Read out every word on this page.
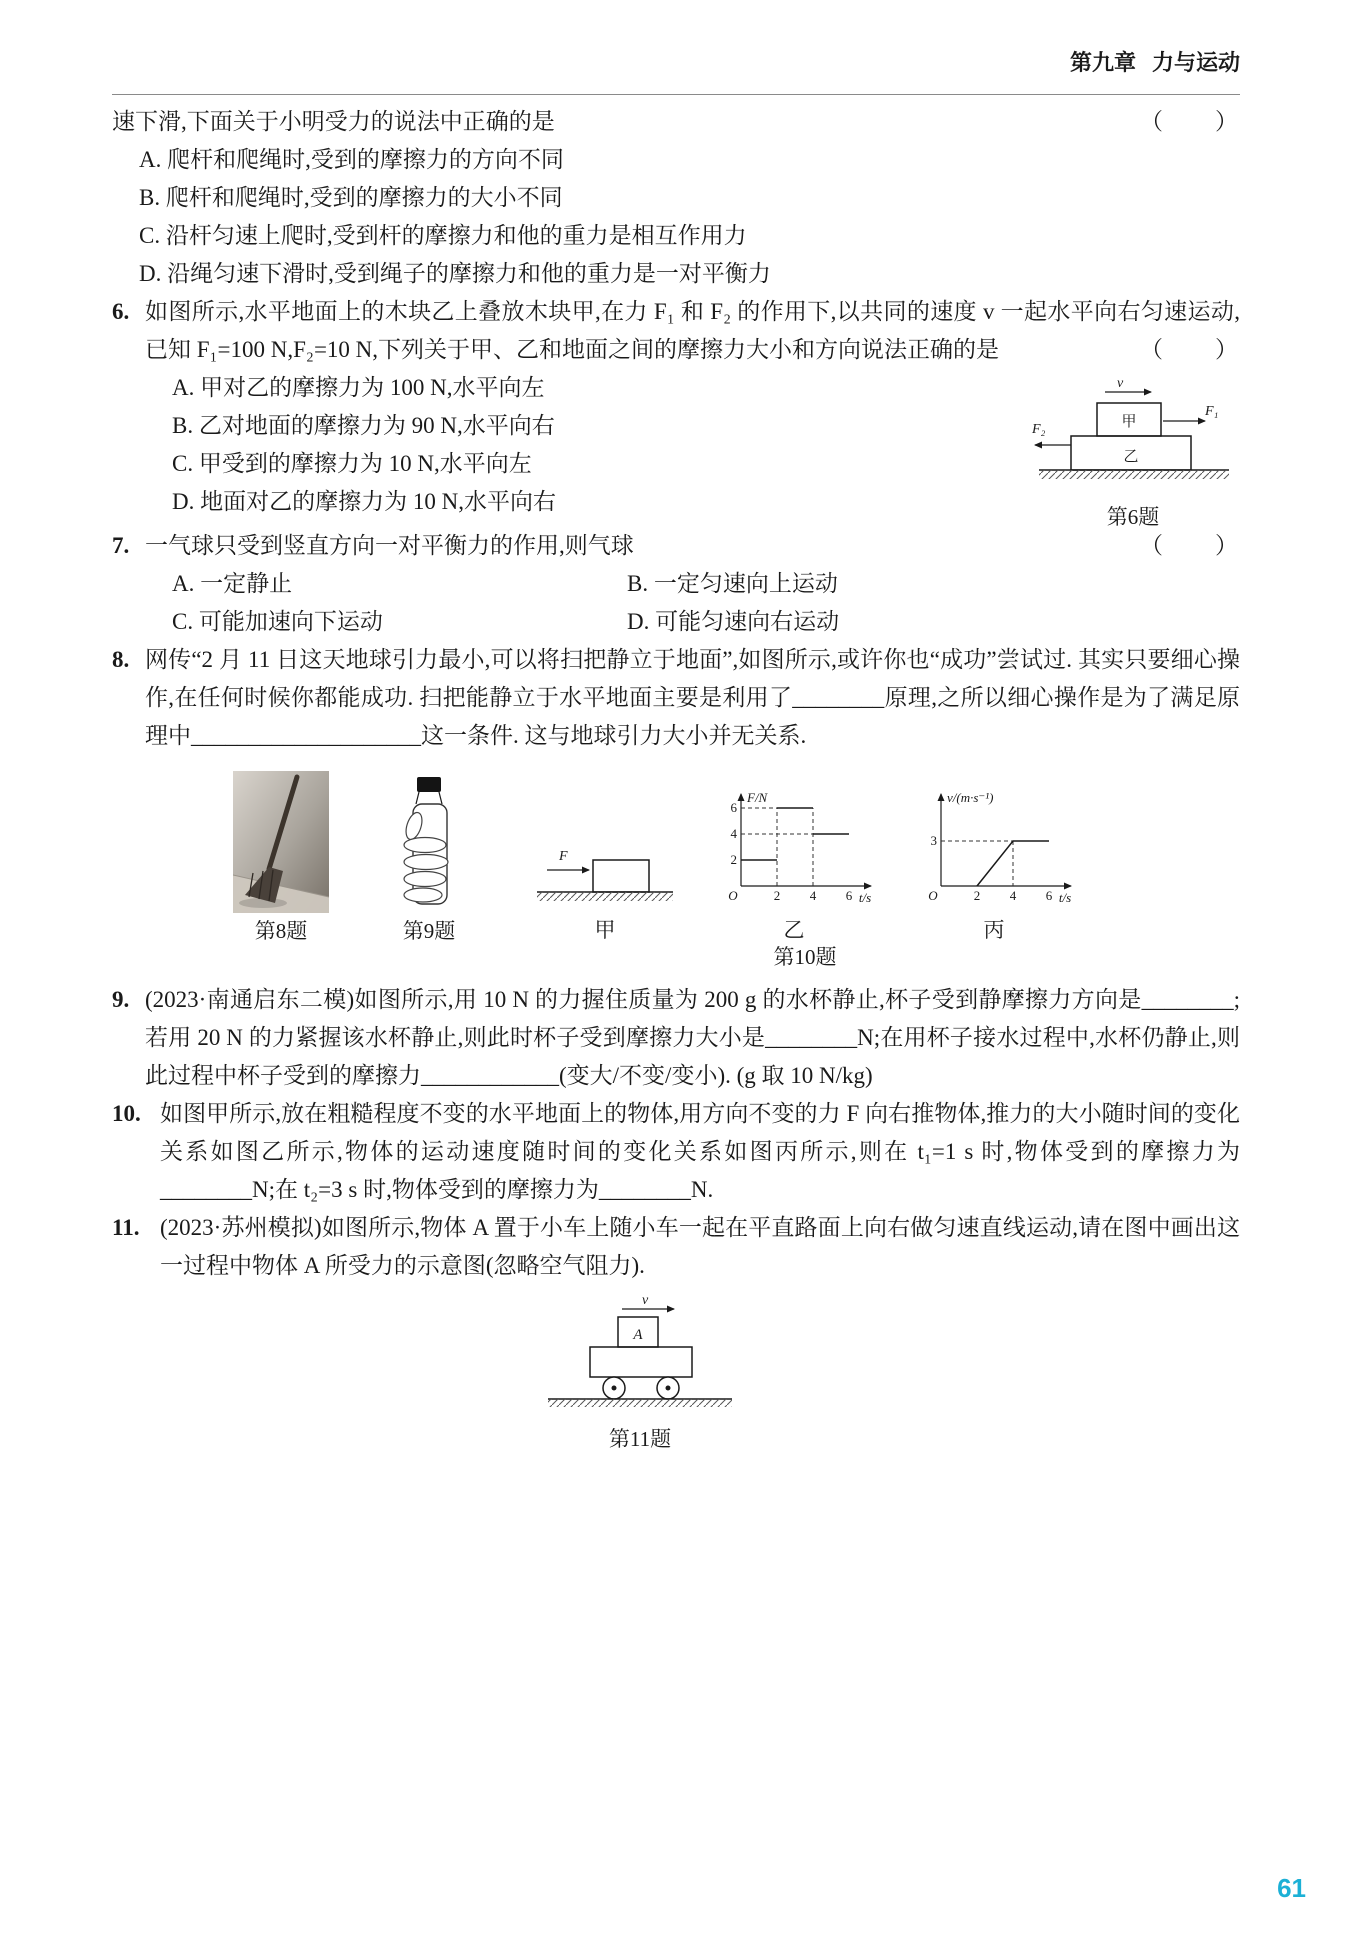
第九章 力与运动

速下滑,下面关于小明受力的说法中正确的是	（　　）

A. 爬杆和爬绳时,受到的摩擦力的方向不同

B. 爬杆和爬绳时,受到的摩擦力的大小不同

C. 沿杆匀速上爬时,受到杆的摩擦力和他的重力是相互作用力

D. 沿绳匀速下滑时,受到绳子的摩擦力和他的重力是一对平衡力

6. 如图所示,水平地面上的木块乙上叠放木块甲,在力 F₁ 和 F₂ 的作用下,以共同的速度 v 一起水平向右匀速运动,已知 F₁=100 N,F₂=10 N,下列关于甲、乙和地面之间的摩擦力大小和方向说法正确的是	（　　）

A. 甲对乙的摩擦力为 100 N,水平向左

B. 乙对地面的摩擦力为 90 N,水平向右

C. 甲受到的摩擦力为 10 N,水平向左

D. 地面对乙的摩擦力为 10 N,水平向右

v
甲
F₁
乙
F₂
第6题
7. 一气球只受到竖直方向一对平衡力的作用,则气球	（　　）

A. 一定静止	B. 一定匀速向上运动

C. 可能加速向下运动	D. 可能匀速向右运动

8. 网传“2 月 11 日这天地球引力最小,可以将扫把静立于地面”,如图所示,或许你也“成功”尝试过. 其实只要细心操作,在任何时候你都能成功. 扫把能静立于水平地面主要是利用了________原理,之所以细心操作是为了满足原理中____________________这一条件. 这与地球引力大小并无关系.

第8题	第9题
F
甲
F/N
t/s
O
2
4
6
2 4 6
乙
v/(m·s⁻¹)
t/s
O
3
2 4 6
丙
第10题
9. (2023·南通启东二模)如图所示,用 10 N 的力握住质量为 200 g 的水杯静止,杯子受到静摩擦力方向是________;若用 20 N 的力紧握该水杯静止,则此时杯子受到摩擦力大小是________N;在用杯子接水过程中,水杯仍静止,则此过程中杯子受到的摩擦力____________(变大/不变/变小). (g 取 10 N/kg)

10. 如图甲所示,放在粗糙程度不变的水平地面上的物体,用方向不变的力 F 向右推物体,推力的大小随时间的变化关系如图乙所示,物体的运动速度随时间的变化关系如图丙所示,则在 t₁=1 s 时,物体受到的摩擦力为________N;在 t₂=3 s 时,物体受到的摩擦力为________N.

11. (2023·苏州模拟)如图所示,物体 A 置于小车上随小车一起在平直路面上向右做匀速直线运动,请在图中画出这一过程中物体 A 所受力的示意图(忽略空气阻力).

v
A
第11题
61
